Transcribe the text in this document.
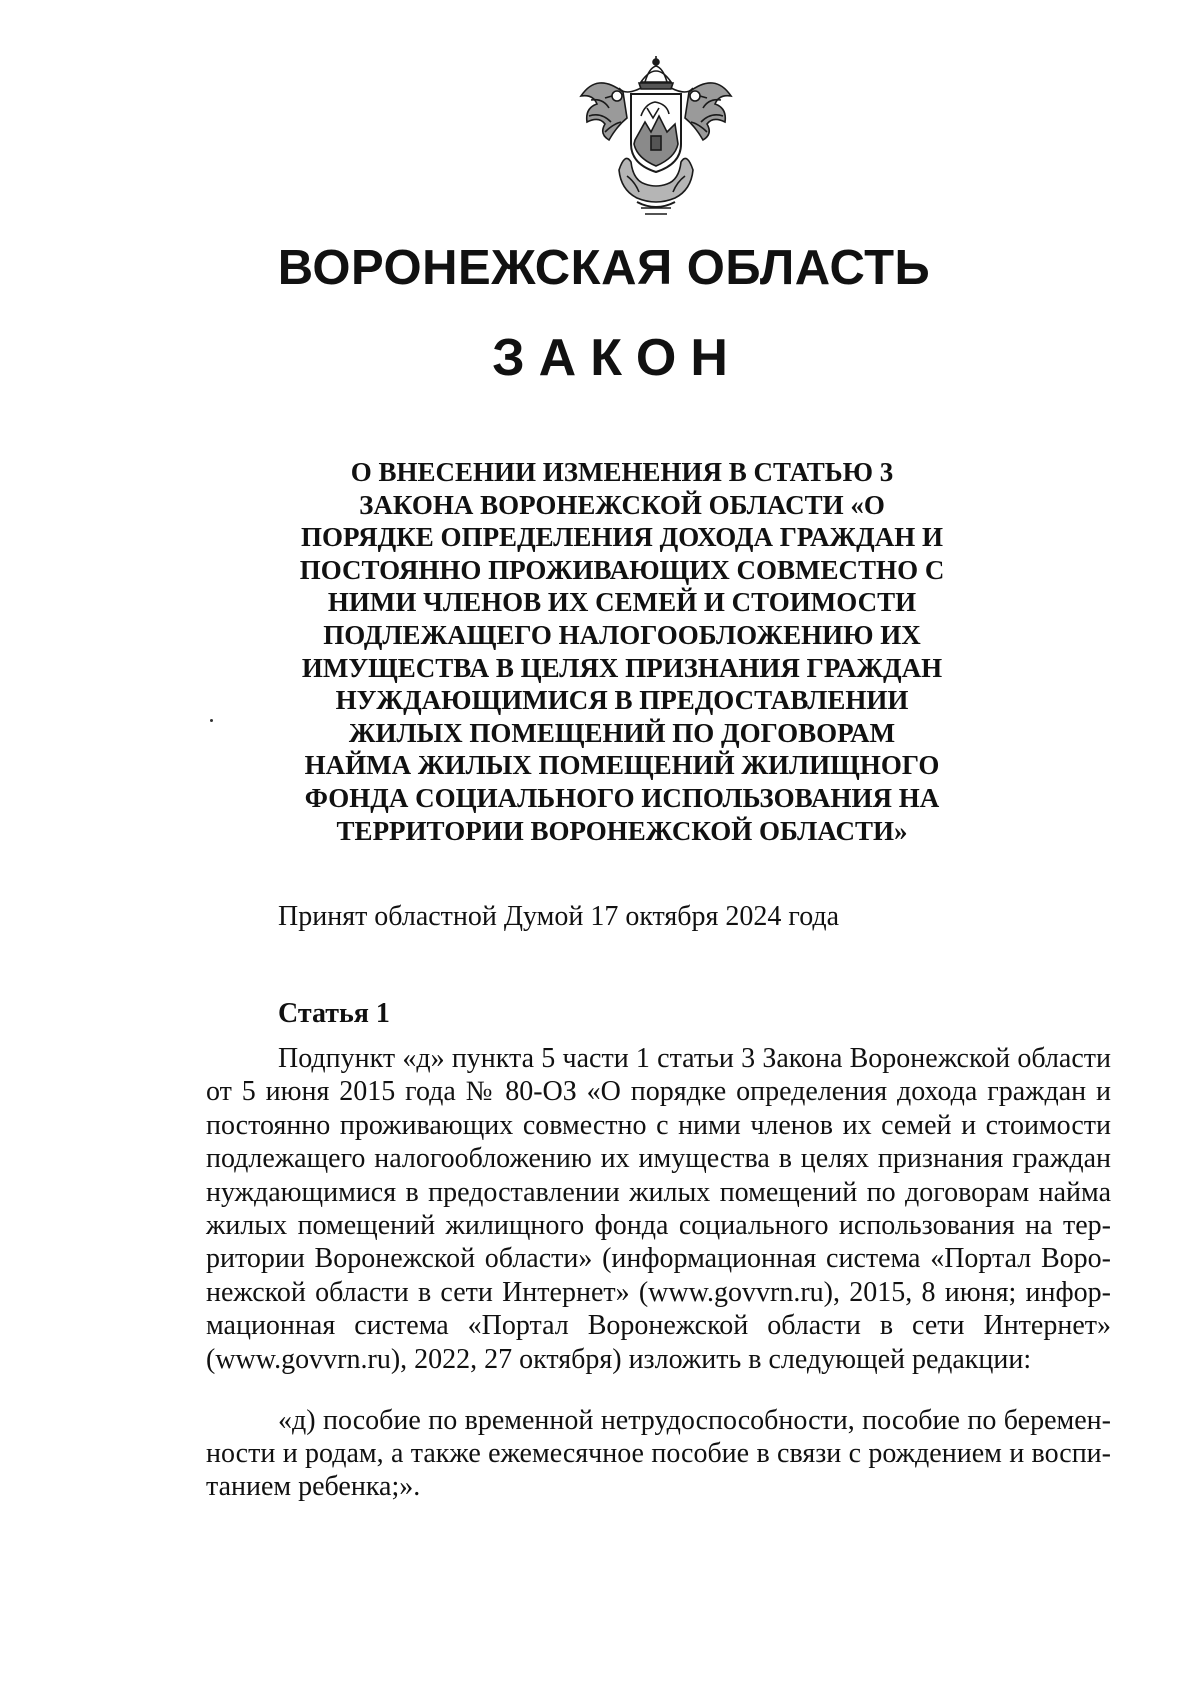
ВОРОНЕЖСКАЯ ОБЛАСТЬ
ЗАКОН
О ВНЕСЕНИИ ИЗМЕНЕНИЯ В СТАТЬЮ 3
ЗАКОНА ВОРОНЕЖСКОЙ ОБЛАСТИ «О
ПОРЯДКЕ ОПРЕДЕЛЕНИЯ ДОХОДА ГРАЖДАН И
ПОСТОЯННО ПРОЖИВАЮЩИХ СОВМЕСТНО С
НИМИ ЧЛЕНОВ ИХ СЕМЕЙ И СТОИМОСТИ
ПОДЛЕЖАЩЕГО НАЛОГООБЛОЖЕНИЮ ИХ
ИМУЩЕСТВА В ЦЕЛЯХ ПРИЗНАНИЯ ГРАЖДАН
НУЖДАЮЩИМИСЯ В ПРЕДОСТАВЛЕНИИ
ЖИЛЫХ ПОМЕЩЕНИЙ ПО ДОГОВОРАМ
НАЙМА ЖИЛЫХ ПОМЕЩЕНИЙ ЖИЛИЩНОГО
ФОНДА СОЦИАЛЬНОГО ИСПОЛЬЗОВАНИЯ НА
ТЕРРИТОРИИ ВОРОНЕЖСКОЙ ОБЛАСТИ»

Принят областной Думой 17 октября 2024 года

Статья 1

Подпункт «д» пункта 5 части 1 статьи 3 Закона Воронежской области
от 5 июня 2015 года № 80-ОЗ «О порядке определения дохода граждан и
постоянно проживающих совместно с ними членов их семей и стоимости
подлежащего налогообложению их имущества в целях признания граждан
нуждающимися в предоставлении жилых помещений по договорам найма
жилых помещений жилищного фонда социального использования на тер-
ритории Воронежской области» (информационная система «Портал Воро-
нежской области в сети Интернет» (www.govvrn.ru), 2015, 8 июня; инфор-
мационная система «Портал Воронежской области в сети Интернет»
(www.govvrn.ru), 2022, 27 октября) изложить в следующей редакции:

«д) пособие по временной нетрудоспособности, пособие по беремен-
ности и родам, а также ежемесячное пособие в связи с рождением и воспи-
танием ребенка;».
